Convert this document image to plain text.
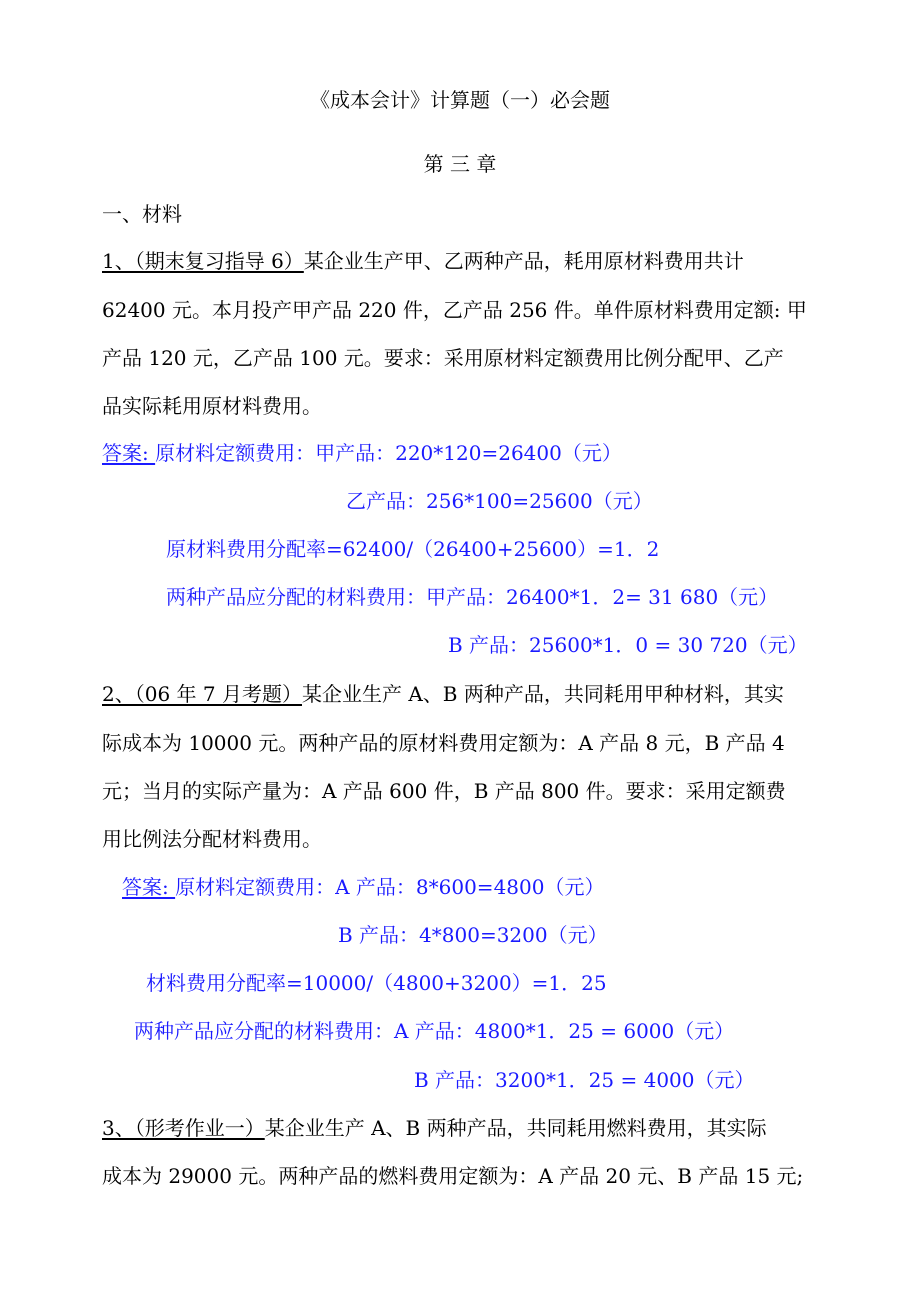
《成本会计》计算题（一）必会题
第 三 章
一、材料
1、（期末复习指导 6）某企业生产甲、乙两种产品，耗用原材料费用共计
62400 元。本月投产甲产品 220 件，乙产品 256 件。单件原材料费用定额: 甲
产品 120 元，乙产品 100 元。要求：采用原材料定额费用比例分配甲、乙产
品实际耗用原材料费用。
答案: 原材料定额费用：甲产品：220*120=26400（元）
乙产品：256*100=25600（元）
原材料费用分配率=62400/（26400+25600）=1．2
两种产品应分配的材料费用：甲产品：26400*1．2= 31 680（元）
B 产品：25600*1．0 = 30 720（元）
2、（06 年 7 月考题）某企业生产 A、B 两种产品，共同耗用甲种材料，其实
际成本为 10000 元。两种产品的原材料费用定额为：A 产品 8 元，B 产品 4
元；当月的实际产量为：A 产品 600 件，B 产品 800 件。要求：采用定额费
用比例法分配材料费用。
答案: 原材料定额费用：A 产品：8*600=4800（元）
B 产品：4*800=3200（元）
材料费用分配率=10000/（4800+3200）=1．25
两种产品应分配的材料费用：A 产品：4800*1．25 = 6000（元）
B 产品：3200*1．25 = 4000（元）
3、（形考作业一）某企业生产 A、B 两种产品，共同耗用燃料费用，其实际
成本为 29000 元。两种产品的燃料费用定额为：A 产品 20 元、B 产品 15 元;
